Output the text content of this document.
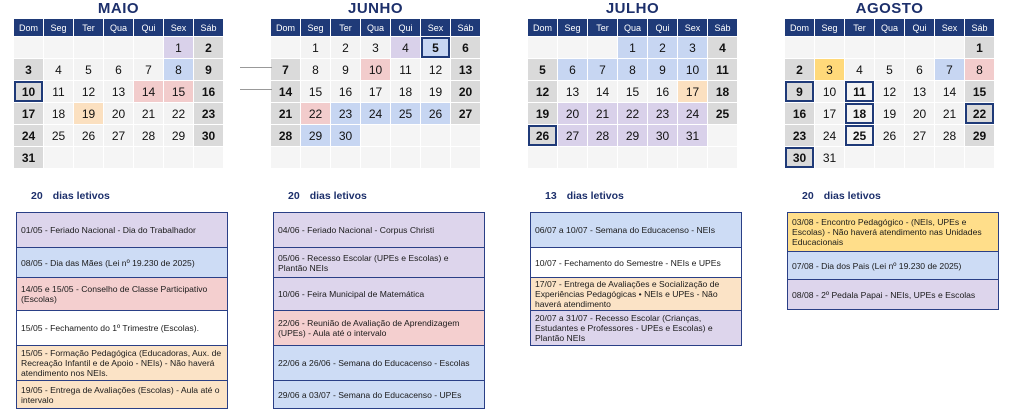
MAIO
Dom	Seg	Ter	Qua	Qui	Sex	Sáb
					1	2
3	4	5	6	7	8	9
10	11	12	13	14	15	16
17	18	19	20	21	22	23
24	25	26	27	28	29	30
31						
20 dias letivos
01/05 - Feriado Nacional - Dia do Trabalhador
08/05 - Dia das Mães (Lei nº 19.230 de 2025)
14/05 e 15/05 - Conselho de Classe Participativo (Escolas)
15/05 - Fechamento do 1º Trimestre (Escolas).
15/05 - Formação Pedagógica (Educadoras, Aux. de Recreação Infantil e de Apoio - NEIs) - Não haverá atendimento nos NEIs.
19/05 - Entrega de Avaliações (Escolas) - Aula até o intervalo
JUNHO
Dom	Seg	Ter	Qua	Qui	Sex	Sáb
	1	2	3	4	5	6
7	8	9	10	11	12	13
14	15	16	17	18	19	20
21	22	23	24	25	26	27
28	29	30				

20 dias letivos
04/06 - Feriado Nacional - Corpus Christi
05/06 - Recesso Escolar (UPEs e Escolas) e Plantão NEIs
10/06 - Feira Municipal de Matemática
22/06 - Reunião de Avaliação de Aprendizagem (UPEs) - Aula até o intervalo
22/06 a 26/06 - Semana do Educacenso - Escolas
29/06 a 03/07 - Semana do Educacenso - UPEs
JULHO
Dom	Seg	Ter	Qua	Qui	Sex	Sáb
			1	2	3	4
5	6	7	8	9	10	11
12	13	14	15	16	17	18
19	20	21	22	23	24	25
26	27	28	29	30	31	

13 dias letivos
06/07 a 10/07 - Semana do Educacenso - NEIs
10/07 - Fechamento do Semestre - NEIs e UPEs
17/07 - Entrega de Avaliações e Socialização de Experiências Pedagógicas • NEIs e UPEs - Não haverá atendimento
20/07 a 31/07 - Recesso Escolar (Crianças, Estudantes e Professores - UPEs e Escolas) e Plantão NEIs
AGOSTO
Dom	Seg	Ter	Qua	Qui	Sex	Sáb
						1
2	3	4	5	6	7	8
9	10	11	12	13	14	15
16	17	18	19	20	21	22
23	24	25	26	27	28	29
30	31					
20 dias letivos
03/08 - Encontro Pedagógico - (NEIs, UPEs e Escolas) - Não haverá atendimento nas Unidades Educacionais
07/08 - Dia dos Pais (Lei nº 19.230 de 2025)
08/08 - 2º Pedala Papai - NEIs, UPEs e Escolas
